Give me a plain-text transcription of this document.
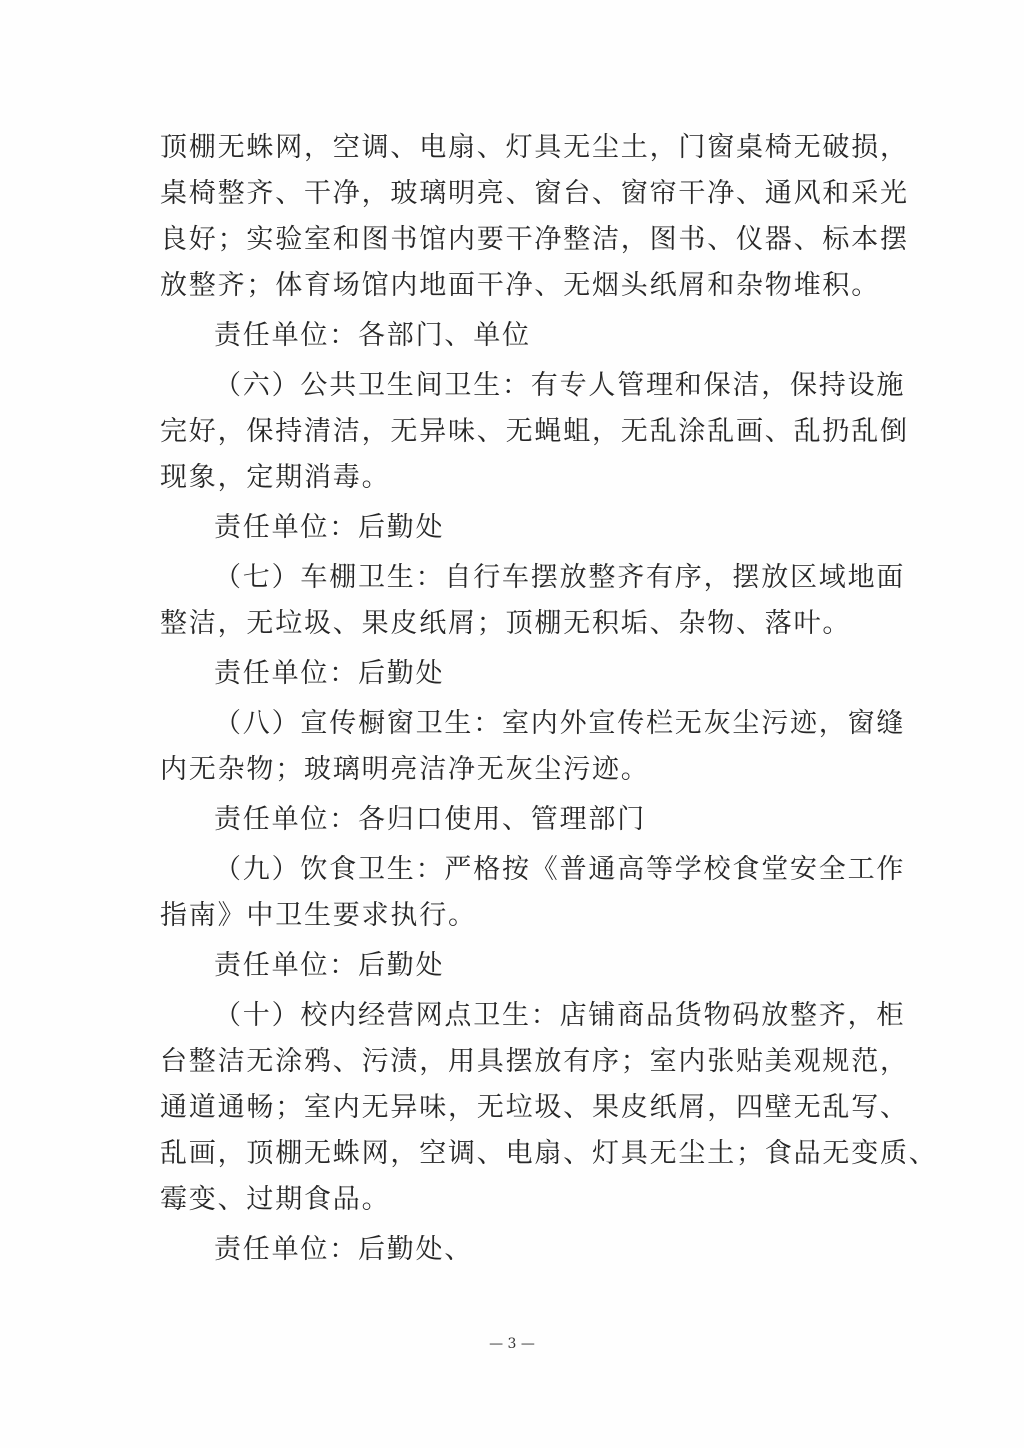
顶棚无蛛网，空调、电扇、灯具无尘土，门窗桌椅无破损，
桌椅整齐、干净，玻璃明亮、窗台、窗帘干净、通风和采光
良好；实验室和图书馆内要干净整洁，图书、仪器、标本摆
放整齐；体育场馆内地面干净、无烟头纸屑和杂物堆积。
责任单位：各部门、单位
（六）公共卫生间卫生：有专人管理和保洁，保持设施
完好，保持清洁，无异味、无蝇蛆，无乱涂乱画、乱扔乱倒
现象，定期消毒。
责任单位：后勤处
（七）车棚卫生：自行车摆放整齐有序，摆放区域地面
整洁，无垃圾、果皮纸屑；顶棚无积垢、杂物、落叶。
责任单位：后勤处
（八）宣传橱窗卫生：室内外宣传栏无灰尘污迹，窗缝
内无杂物；玻璃明亮洁净无灰尘污迹。
责任单位：各归口使用、管理部门
（九）饮食卫生：严格按《普通高等学校食堂安全工作
指南》中卫生要求执行。
责任单位：后勤处
（十）校内经营网点卫生：店铺商品货物码放整齐，柜
台整洁无涂鸦、污渍，用具摆放有序；室内张贴美观规范，
通道通畅；室内无异味，无垃圾、果皮纸屑，四壁无乱写、
乱画，顶棚无蛛网，空调、电扇、灯具无尘土；食品无变质、
霉变、过期食品。
责任单位：后勤处、
— 3 —
